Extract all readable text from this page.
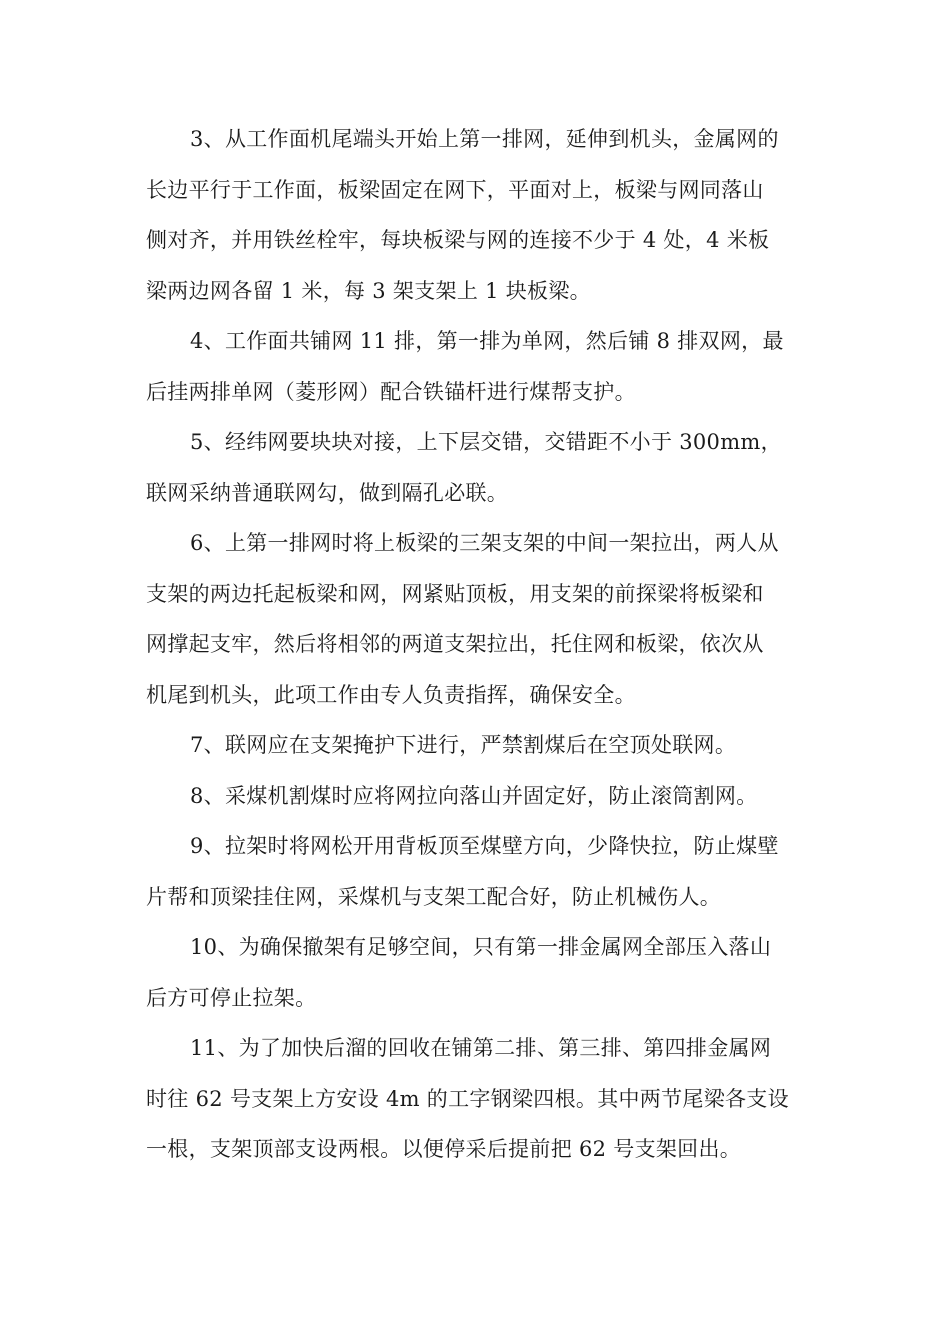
3、从工作面机尾端头开始上第一排网，延伸到机头，金属网的
长边平行于工作面，板梁固定在网下，平面对上，板梁与网同落山
侧对齐，并用铁丝栓牢，每块板梁与网的连接不少于 4 处，4 米板
梁两边网各留 1 米，每 3 架支架上 1 块板梁。

4、工作面共铺网 11 排，第一排为单网，然后铺 8 排双网，最
后挂两排单网（菱形网）配合铁锚杆进行煤帮支护。

5、经纬网要块块对接，上下层交错，交错距不小于 300mm，
联网采纳普通联网勾，做到隔孔必联。

6、上第一排网时将上板梁的三架支架的中间一架拉出，两人从
支架的两边托起板梁和网，网紧贴顶板，用支架的前探梁将板梁和
网撑起支牢，然后将相邻的两道支架拉出，托住网和板梁，依次从
机尾到机头，此项工作由专人负责指挥，确保安全。

7、联网应在支架掩护下进行，严禁割煤后在空顶处联网。

8、采煤机割煤时应将网拉向落山并固定好，防止滚筒割网。

9、拉架时将网松开用背板顶至煤壁方向，少降快拉，防止煤壁
片帮和顶梁挂住网，采煤机与支架工配合好，防止机械伤人。

10、为确保撤架有足够空间，只有第一排金属网全部压入落山
后方可停止拉架。

11、为了加快后溜的回收在铺第二排、第三排、第四排金属网
时往 62 号支架上方安设 4m 的工字钢梁四根。其中两节尾梁各支设
一根，支架顶部支设两根。以便停采后提前把 62 号支架回出。
